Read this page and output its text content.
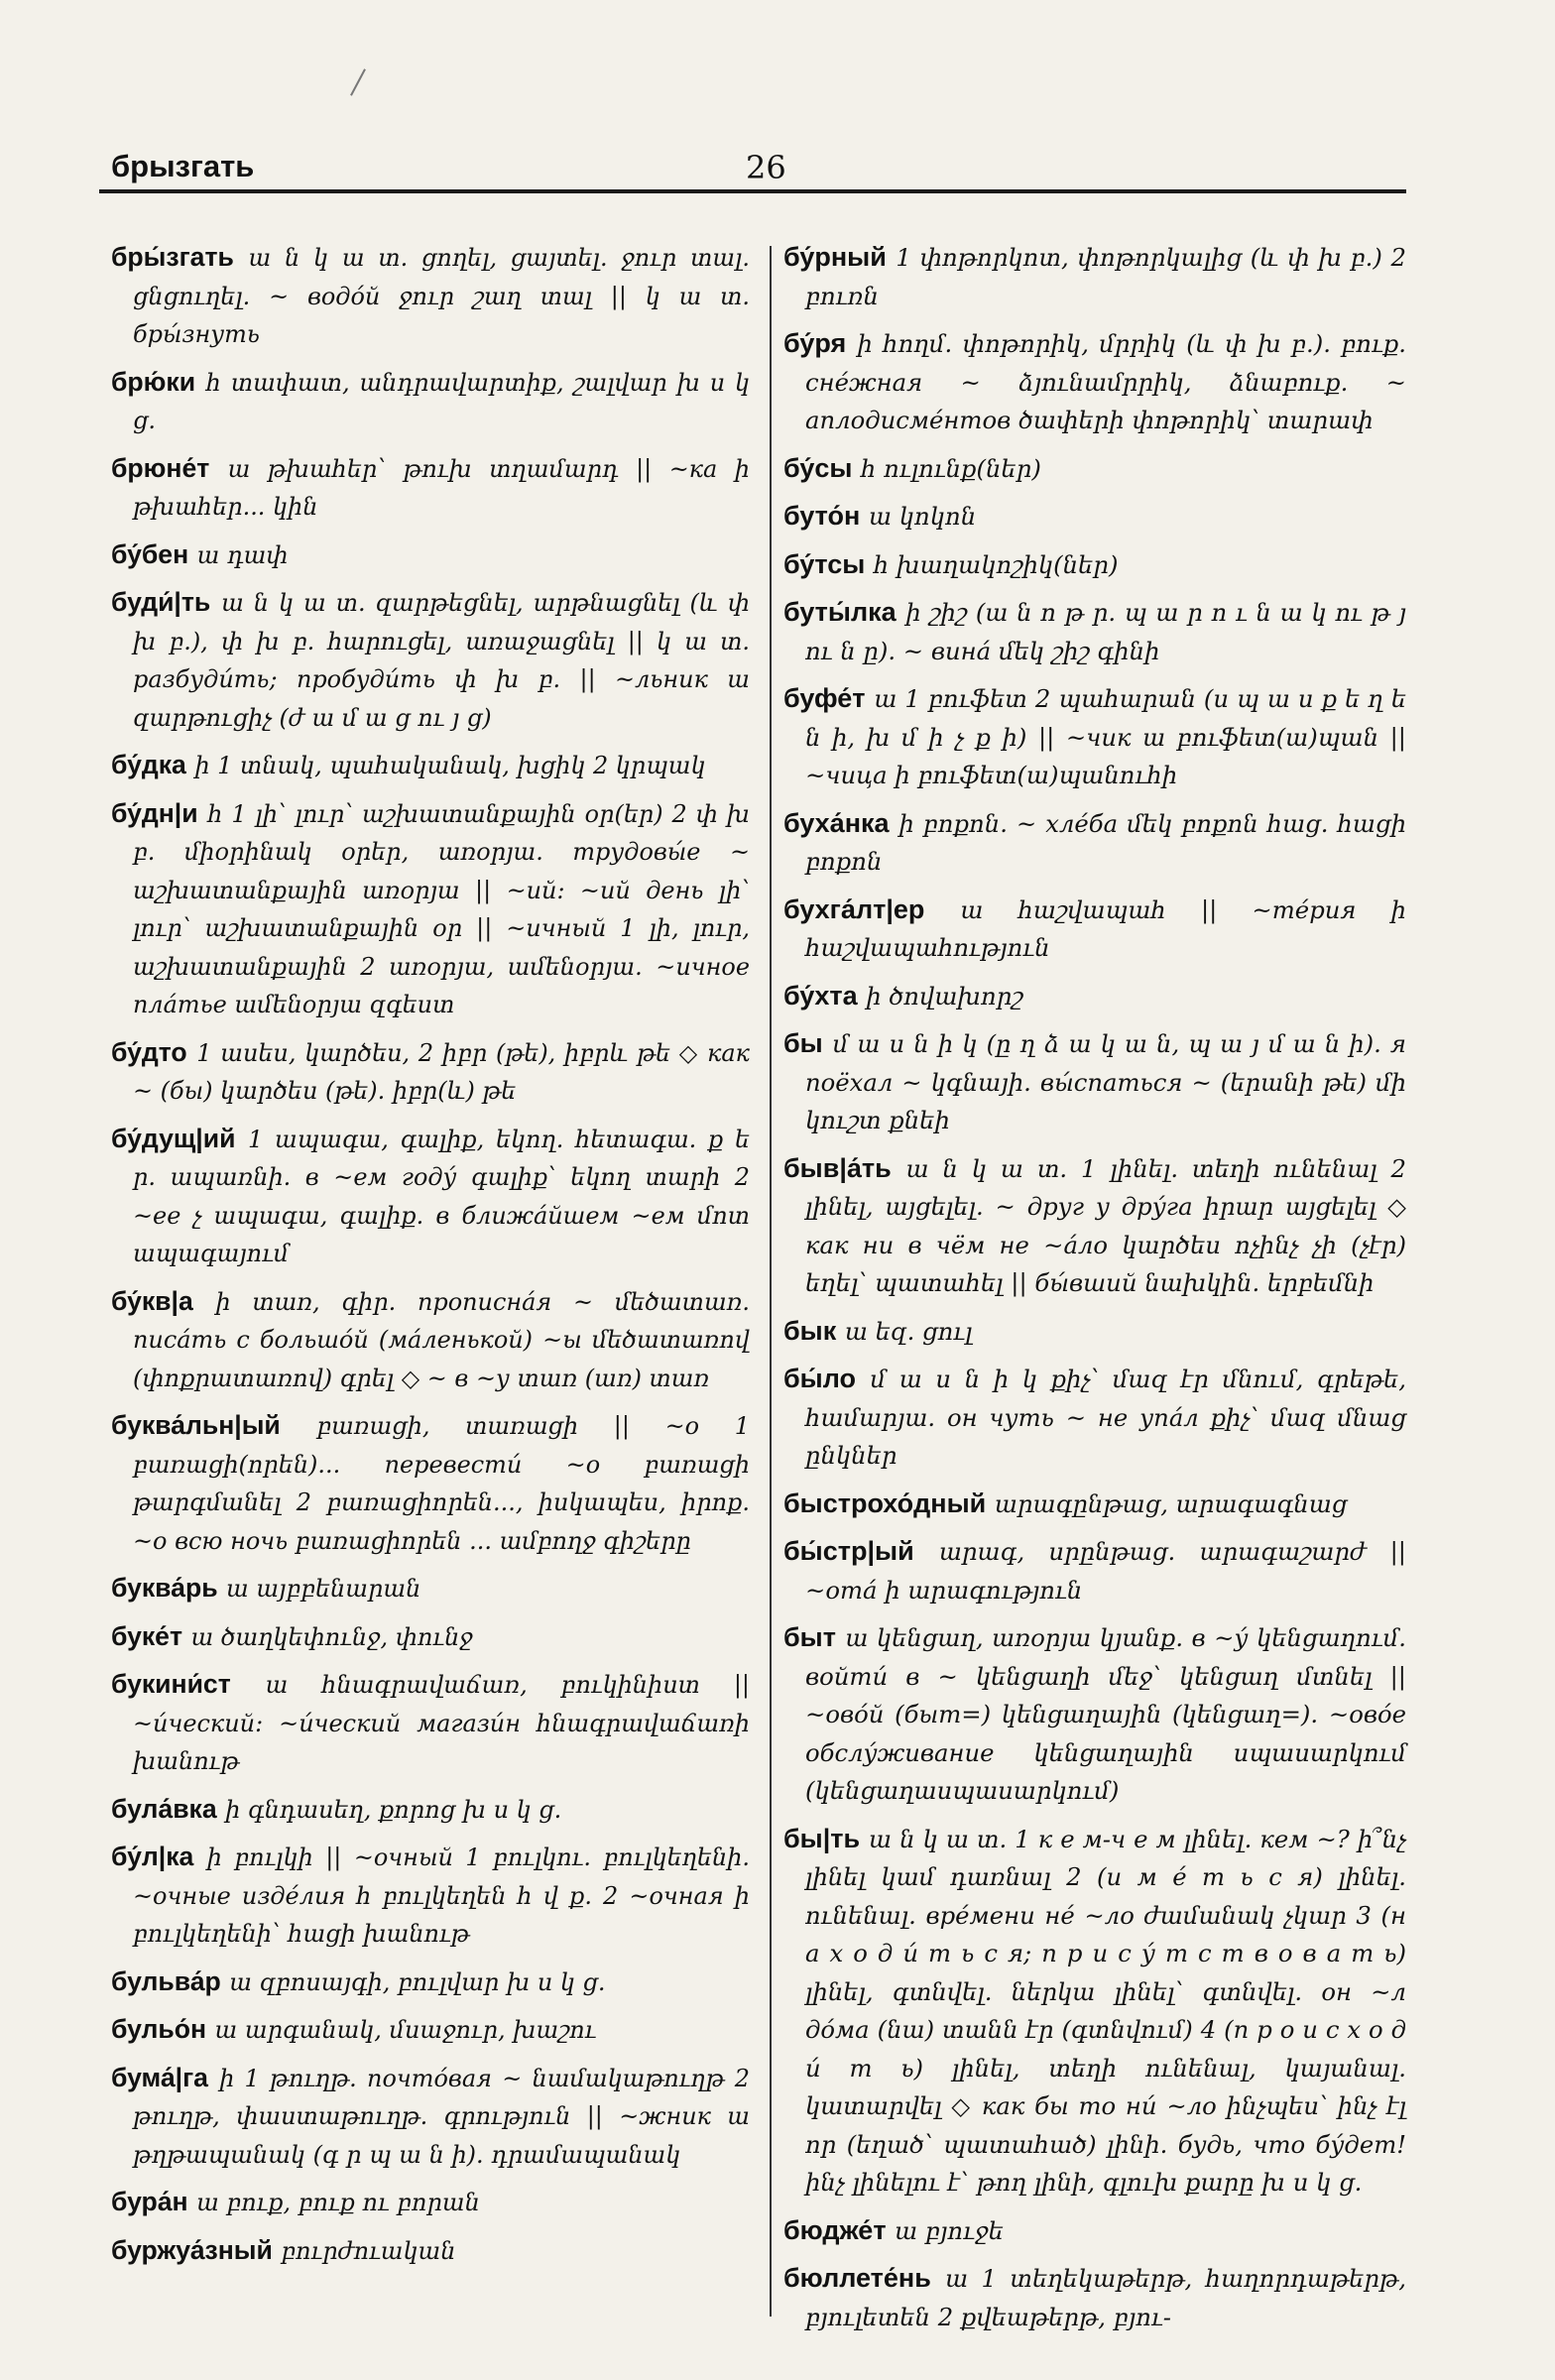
брызгать	26

бры́згать ա ն կ ա տ. ցողել, ցայտել. ջուր տալ. ցնցուղել. ~ водо́й ջուր շաղ տալ || կ ա տ. бры́знуть

брю́ки հ տափատ, անդրավարտիք, շալվար խ ս կ ց.

брюне́т ա թխահեր՝ թուխ տղամարդ || ~ка ի թխահեր... կին

бу́бен ա դափ

буди́|ть ա ն կ ա տ. զարթեցնել, արթնացնել (և փ խ բ.), փ խ բ. հարուցել, առաջացնել || կ ա տ. разбуди́ть; пробуди́ть փ խ բ. || ~льник ա զարթուցիչ (ժ ա մ ա ց ու յ ց)

бу́дка ի 1 տնակ, պահականակ, խցիկ 2 կրպակ

бу́дн|и հ 1 լի՝ լուր՝ աշխատանքային օր(եր) 2 փ խ բ. միօրինակ օրեր, առօրյա. трудовы́е ~ աշխատանքային առօրյա || ~ий: ~ий день լի՝ լուր՝ աշխատանքային օր || ~ичный 1 լի, լուր, աշխատանքային 2 առօրյա, ամենօրյա. ~ичное пла́тье ամենօրյա զգեստ

бу́дто 1 ասես, կարծես, 2 իբր (թե), իբրև թե ◇ как ~ (бы) կարծես (թե). իբր(և) թե

бу́дущ|ий 1 ապագա, գալիք, եկող. հետագա. ք ե ր. ապառնի. в ~ем году́ գալիք՝ եկող տարի 2 ~ее չ ապագա, գալիք. в ближа́йшем ~ем մոտ ապագայում

бу́кв|а ի տառ, գիր. прописна́я ~ մեծատառ. писа́ть с большо́й (ма́ленькой) ~ы մեծատառով (փոքրատառով) գրել ◇ ~ в ~у տառ (առ) տառ

буква́льн|ый բառացի, տառացի || ~о 1 բառացի(որեն)... перевести́ ~о բառացի թարգմանել 2 բառացիորեն..., իսկապես, իրոք. ~о всю ночь բառացիորեն ... ամբողջ գիշերը

буква́рь ա այբբենարան

буке́т ա ծաղկեփունջ, փունջ

букини́ст ա հնագրավաճառ, բուկինիստ || ~и́ческий: ~и́ческий магази́н հնագրավաճառի խանութ

була́вка ի գնդասեղ, քորոց խ ս կ ց.

бу́л|ка ի բուլկի || ~очный 1 բուլկու. բուլկեղենի. ~очные изде́лия հ բուլկեղեն հ վ ք. 2 ~очная ի բուլկեղենի՝ հացի խանութ

бульва́р ա զբոսայգի, բուլվար խ ս կ ց.

бульо́н ա արգանակ, մսաջուր, խաշու

бума́|га ի 1 թուղթ. почто́вая ~ նամակաթուղթ 2 թուղթ, փաստաթուղթ. գրություն || ~жник ա թղթապանակ (գ ր պ ա ն ի). դրամապանակ

бура́н ա բուք, բուք ու բորան

буржуа́зный բուրժուական

бу́рный 1 փոթորկոտ, փոթորկալից (և փ խ բ.) 2 բուռն

бу́ря ի հողմ. փոթորիկ, մրրիկ (և փ խ բ.). բուք. сне́жная ~ ձյունամրրիկ, ձնաբուք. ~ аплодисме́нтов ծափերի փոթորիկ՝ տարափ

бу́сы հ ուլունք(ներ)

буто́н ա կոկոն

бу́тсы հ խաղակոշիկ(ներ)

буты́лка ի շիշ (ա ն ո թ ր. պ ա ր ո ւ ն ա կ ու թ յ ու ն ը). ~ вина́ մեկ շիշ գինի

буфе́т ա 1 բուֆետ 2 պահարան (ս պ ա ս ք ե ղ ե ն ի, խ մ ի չ ք ի) || ~чик ա բուֆետ(ա)պան || ~чица ի բուֆետ(ա)պանուհի

буха́нка ի բոքոն. ~ хле́ба մեկ բոքոն հաց. հացի բոքոն

бухга́лт|ер ա հաշվապահ || ~те́рия ի հաշվապահություն

бу́хта ի ծովախորշ

бы մ ա ս ն ի կ (ը ղ ձ ա կ ա ն, պ ա յ մ ա ն ի). я поёхал ~ կգնայի. вы́спаться ~ (երանի թե) մի կուշտ քնեի

быв|а́ть ա ն կ ա տ. 1 լինել. տեղի ունենալ 2 լինել, այցելել. ~ друг у дру́га իրար այցելել ◇ как ни в чём не ~а́ло կարծես ոչինչ չի (չէր) եղել՝ պատահել || бы́вший նախկին. երբեմնի

бык ա եզ. ցուլ

бы́ло մ ա ս ն ի կ քիչ՝ մազ էր մնում, գրեթե, համարյա. он чуть ~ не упа́л քիչ՝ մազ մնաց ընկներ

быстрохо́дный արագընթաց, արագագնաց

бы́стр|ый արագ, սրընթաց. արագաշարժ || ~ота́ ի արագություն

быт ա կենցաղ, առօրյա կյանք. в ~у́ կենցաղում. войти́ в ~ կենցաղի մեջ՝ կենցաղ մտնել || ~ово́й (быт=) կենցաղային (կենցաղ=). ~ово́е обслу́живание կենցաղային սպասարկում (կենցաղասպասարկում)

бы|ть ա ն կ ա տ. 1 к е м-ч е м լինել. кем ~? ի՞նչ լինել կամ դառնալ 2 (и м е́ т ь с я) լինել. ունենալ. вре́мени не́ ~ло ժամանակ չկար 3 (н а х о д и́ т ь с я; п р и с у́ т с т в о в а т ь) լինել, գտնվել. ներկա լինել՝ գտնվել. он ~л до́ма (նա) տանն էր (գտնվում) 4 (п р о и с х о д и́ т ь) լինել, տեղի ունենալ, կայանալ. կատարվել ◇ как бы то ни́ ~ло ինչպես՝ ինչ էլ որ (եղած՝ պատահած) լինի. будь, что бу́дет! ինչ լինելու է՝ թող լինի, գլուխ քարը խ ս կ ց.

бюдже́т ա բյուջե

бюллете́нь ա 1 տեղեկաթերթ, հաղորդաթերթ, բյուլետեն 2 քվեաթերթ, բյու-
